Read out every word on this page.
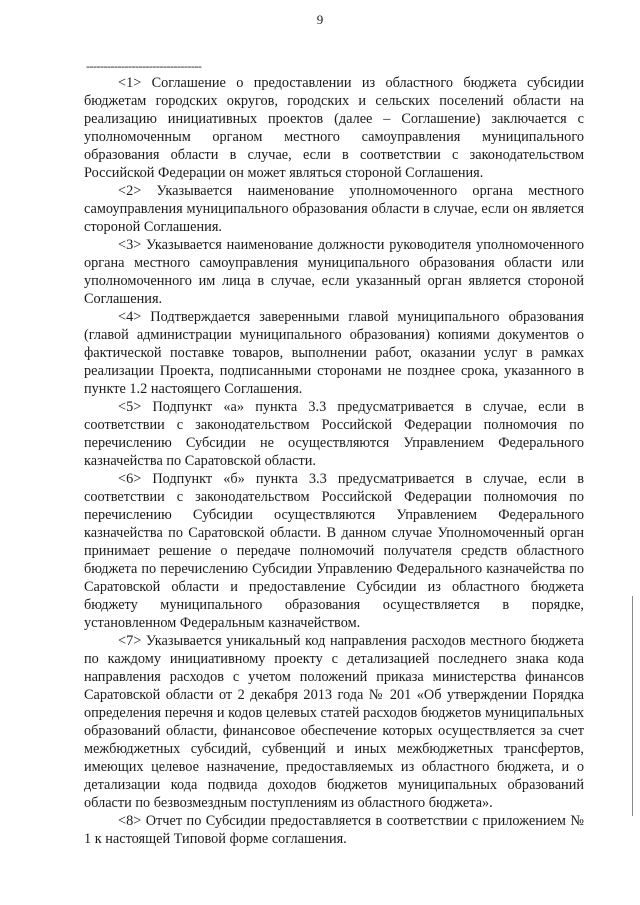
9
---------------------------------

<1> Соглашение о предоставлении из областного бюджета субсидии бюджетам городских округов, городских и сельских поселений области на реализацию инициативных проектов (далее – Соглашение) заключается с уполномоченным органом местного самоуправления муниципального образования области в случае, если в соответствии с законодательством Российской Федерации он может являться стороной Соглашения.

<2> Указывается наименование уполномоченного органа местного самоуправления муниципального образования области в случае, если он является стороной Соглашения.

<3> Указывается наименование должности руководителя уполномоченного органа местного самоуправления муниципального образования области или уполномоченного им лица в случае, если указанный орган является стороной Соглашения.

<4> Подтверждается заверенными главой муниципального образования (главой администрации муниципального образования) копиями документов о фактической поставке товаров, выполнении работ, оказании услуг в рамках реализации Проекта, подписанными сторонами не позднее срока, указанного в пункте 1.2 настоящего Соглашения.

<5> Подпункт «а» пункта 3.3 предусматривается в случае, если в соответствии с законодательством Российской Федерации полномочия по перечислению Субсидии не осуществляются Управлением Федерального казначейства по Саратовской области.

<6> Подпункт «б» пункта 3.3 предусматривается в случае, если в соответствии с законодательством Российской Федерации полномочия по перечислению Субсидии осуществляются Управлением Федерального казначейства по Саратовской области. В данном случае Уполномоченный орган принимает решение о передаче полномочий получателя средств областного бюджета по перечислению Субсидии Управлению Федерального казначейства по Саратовской области и предоставление Субсидии из областного бюджета бюджету муниципального образования осуществляется в порядке, установленном Федеральным казначейством.

<7> Указывается уникальный код направления расходов местного бюджета по каждому инициативному проекту с детализацией последнего знака кода направления расходов с учетом положений приказа министерства финансов Саратовской области от 2 декабря 2013 года № 201 «Об утверждении Порядка определения перечня и кодов целевых статей расходов бюджетов муниципальных образований области, финансовое обеспечение которых осуществляется за счет межбюджетных субсидий, субвенций и иных межбюджетных трансфертов, имеющих целевое назначение, предоставляемых из областного бюджета, и о детализации кода подвида доходов бюджетов муниципальных образований области по безвозмездным поступлениям из областного бюджета».

<8> Отчет по Субсидии предоставляется в соответствии с приложением № 1 к настоящей Типовой форме соглашения.
